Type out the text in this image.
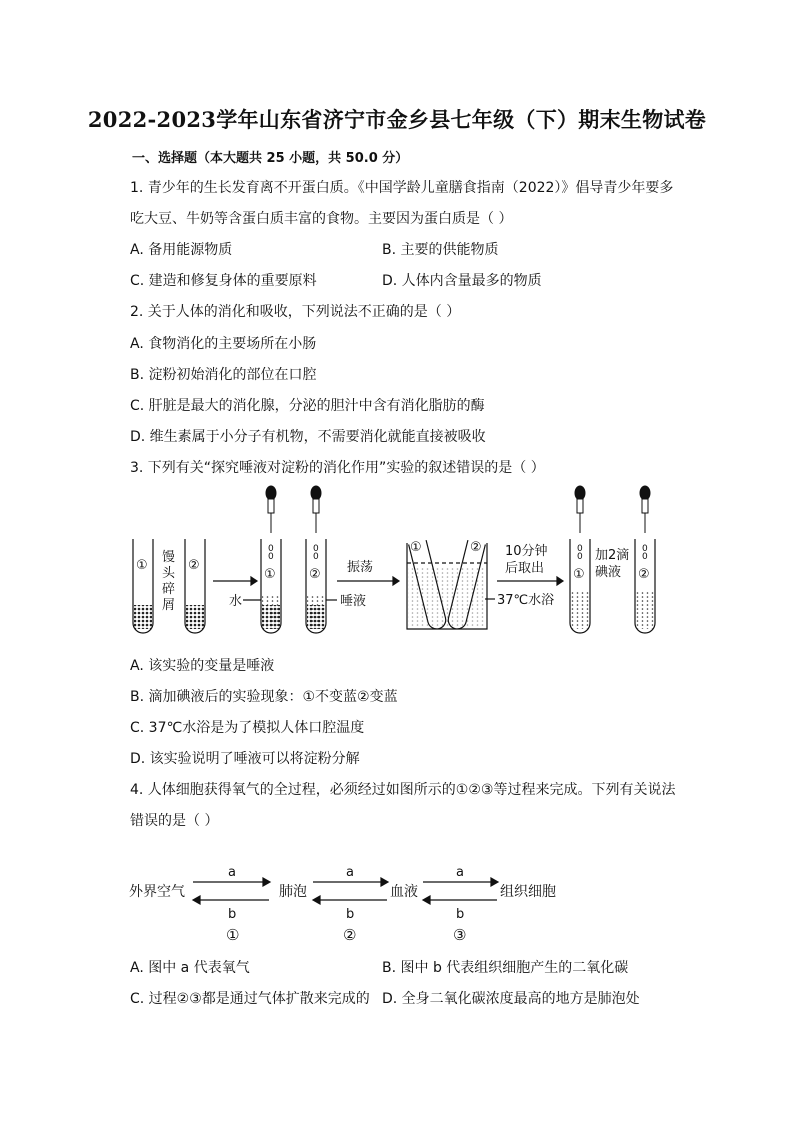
2022-2023学年山东省济宁市金乡县七年级（下）期末生物试卷
一、选择题（本大题共 25 小题，共 50.0 分）
1. 青少年的生长发育离不开蛋白质。《中国学龄儿童膳食指南（2022）》倡导青少年要多
吃大豆、牛奶等含蛋白质丰富的食物。主要因为蛋白质是（ ）
A. 备用能源物质	B. 主要的供能物质
C. 建造和修复身体的重要原料	D. 人体内含量最多的物质
2. 关于人体的消化和吸收，下列说法不正确的是（ ）
A. 食物消化的主要场所在小肠
B. 淀粉初始消化的部位在口腔
C. 肝脏是最大的消化腺，分泌的胆汁中含有消化脂肪的酶
D. 维生素属于小分子有机物，不需要消化就能直接被吸收
3. 下列有关“探究唾液对淀粉的消化作用”实验的叙述错误的是（ ）
0
0
0
0
0
0
0
0
①	②
馒
头
碎
屑
①	②
水	唾液
振荡
①	② 10分钟
后取出
37℃水浴
①	②
加2滴
碘液
A. 该实验的变量是唾液
B. 滴加碘液后的实验现象：①不变蓝②变蓝
C. 37℃水浴是为了模拟人体口腔温度
D. 该实验说明了唾液可以将淀粉分解
4. 人体细胞获得氧气的全过程，必须经过如图所示的①②③等过程来完成。下列有关说法
错误的是（ ）
外界空气	肺泡	血液	组织细胞
a	a	a
b	b	b
①	②	③
A. 图中 a 代表氧气	B. 图中 b 代表组织细胞产生的二氧化碳
C. 过程②③都是通过气体扩散来完成的 D. 全身二氧化碳浓度最高的地方是肺泡处
